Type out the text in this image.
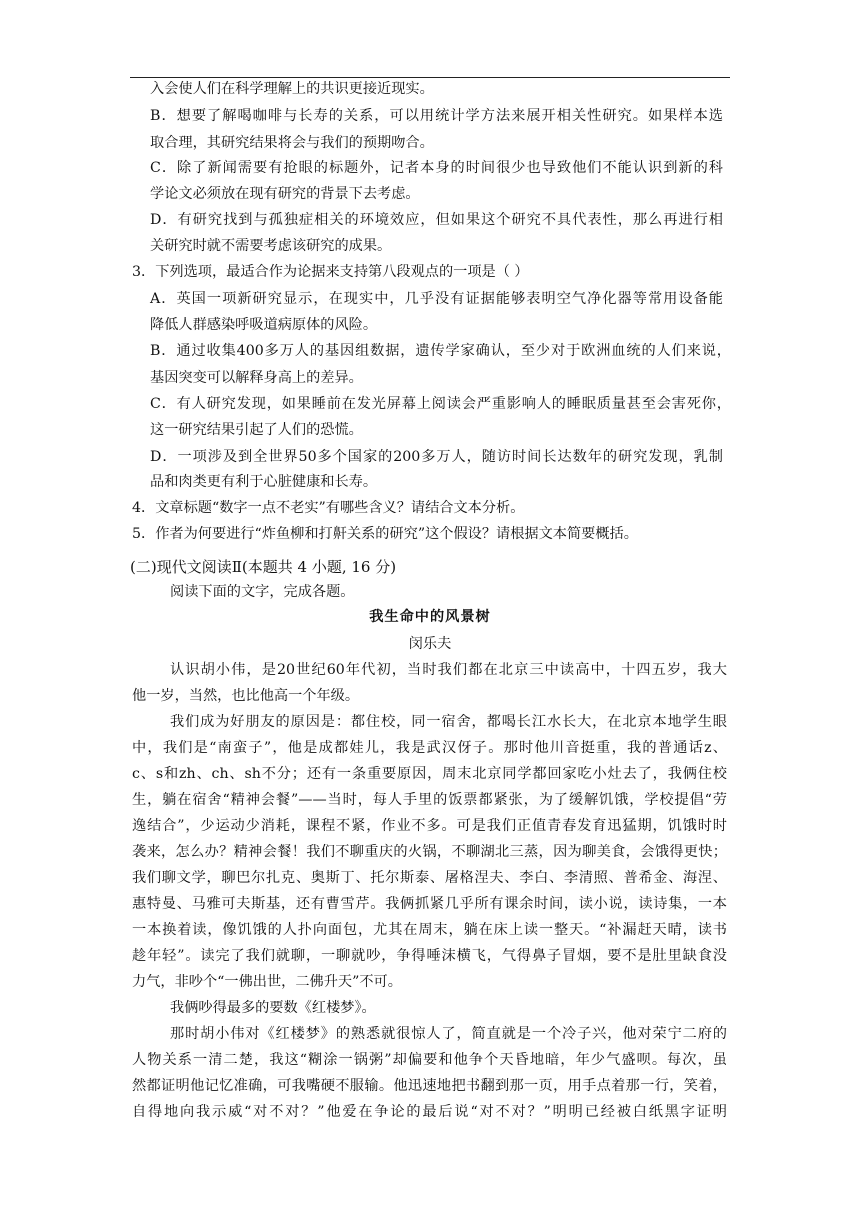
入会使人们在科学理解上的共识更接近现实。
B．想要了解喝咖啡与长寿的关系，可以用统计学方法来展开相关性研究。如果样本选
取合理，其研究结果将会与我们的预期吻合。
C．除了新闻需要有抢眼的标题外，记者本身的时间很少也导致他们不能认识到新的科
学论文必须放在现有研究的背景下去考虑。
D．有研究找到与孤独症相关的环境效应，但如果这个研究不具代表性，那么再进行相
关研究时就不需要考虑该研究的成果。
3．下列选项，最适合作为论据来支持第八段观点的一项是（ ）
A．英国一项新研究显示，在现实中，几乎没有证据能够表明空气净化器等常用设备能
降低人群感染呼吸道病原体的风险。
B．通过收集400多万人的基因组数据，遗传学家确认，至少对于欧洲血统的人们来说，
基因突变可以解释身高上的差异。
C．有人研究发现，如果睡前在发光屏幕上阅读会严重影响人的睡眠质量甚至会害死你，
这一研究结果引起了人们的恐慌。
D．一项涉及到全世界50多个国家的200多万人，随访时间长达数年的研究发现，乳制
品和肉类更有利于心脏健康和长寿。
4．文章标题“数字一点不老实”有哪些含义？请结合文本分析。
5．作者为何要进行“炸鱼柳和打鼾关系的研究”这个假设？请根据文本简要概括。
(二)现代文阅读Ⅱ(本题共 4 小题, 16 分)
阅读下面的文字，完成各题。
我生命中的风景树
闵乐夫
认识胡小伟，是20世纪60年代初，当时我们都在北京三中读高中，十四五岁，我大
他一岁，当然，也比他高一个年级。
我们成为好朋友的原因是：都住校，同一宿舍，都喝长江水长大，在北京本地学生眼
中，我们是“南蛮子”，他是成都娃儿，我是武汉伢子。那时他川音挺重，我的普通话z、
c、s和zh、ch、sh不分；还有一条重要原因，周末北京同学都回家吃小灶去了，我俩住校
生，躺在宿舍“精神会餐”——当时，每人手里的饭票都紧张，为了缓解饥饿，学校提倡“劳
逸结合”，少运动少消耗，课程不紧，作业不多。可是我们正值青春发育迅猛期，饥饿时时
袭来，怎么办？精神会餐！我们不聊重庆的火锅，不聊湖北三蒸，因为聊美食，会饿得更快；
我们聊文学，聊巴尔扎克、奥斯丁、托尔斯泰、屠格涅夫、李白、李清照、普希金、海涅、
惠特曼、马雅可夫斯基，还有曹雪芹。我俩抓紧几乎所有课余时间，读小说，读诗集，一本
一本换着读，像饥饿的人扑向面包，尤其在周末，躺在床上读一整天。“补漏赶天晴，读书
趁年轻”。读完了我们就聊，一聊就吵，争得唾沫横飞，气得鼻子冒烟，要不是肚里缺食没
力气，非吵个“一佛出世，二佛升天”不可。
我俩吵得最多的要数《红楼梦》。
那时胡小伟对《红楼梦》的熟悉就很惊人了，简直就是一个冷子兴，他对荣宁二府的
人物关系一清二楚，我这“糊涂一锅粥”却偏要和他争个天昏地暗，年少气盛呗。每次，虽
然都证明他记忆准确，可我嘴硬不服输。他迅速地把书翻到那一页，用手点着那一行，笑着，
自得地向我示威“对不对？”他爱在争论的最后说“对不对？”明明已经被白纸黑字证明
